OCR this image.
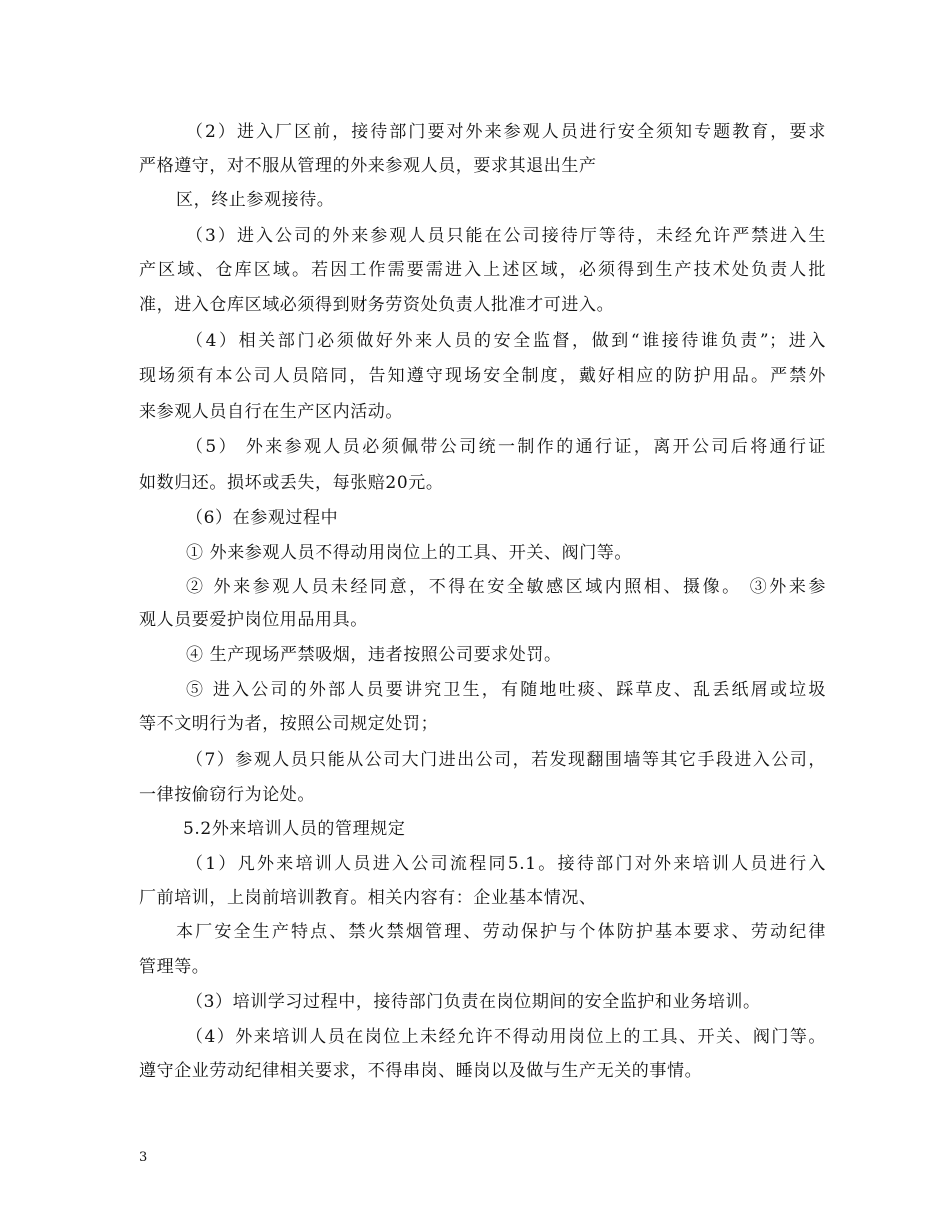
（2）进入厂区前，接待部门要对外来参观人员进行安全须知专题教育，要求
严格遵守，对不服从管理的外来参观人员，要求其退出生产
区，终止参观接待。
（3）进入公司的外来参观人员只能在公司接待厅等待，未经允许严禁进入生
产区域、仓库区域。若因工作需要需进入上述区域，必须得到生产技术处负责人批
准，进入仓库区域必须得到财务劳资处负责人批准才可进入。
（4）相关部门必须做好外来人员的安全监督，做到“谁接待谁负责”；进入
现场须有本公司人员陪同，告知遵守现场安全制度，戴好相应的防护用品。严禁外
来参观人员自行在生产区内活动。
（5） 外来参观人员必须佩带公司统一制作的通行证，离开公司后将通行证
如数归还。损坏或丢失，每张赔20元。
（6）在参观过程中
① 外来参观人员不得动用岗位上的工具、开关、阀门等。
② 外来参观人员未经同意，不得在安全敏感区域内照相、摄像。 ③外来参
观人员要爱护岗位用品用具。
④ 生产现场严禁吸烟，违者按照公司要求处罚。
⑤ 进入公司的外部人员要讲究卫生，有随地吐痰、踩草皮、乱丢纸屑或垃圾
等不文明行为者，按照公司规定处罚；
（7）参观人员只能从公司大门进出公司，若发现翻围墙等其它手段进入公司，
一律按偷窃行为论处。
5.2外来培训人员的管理规定
（1）凡外来培训人员进入公司流程同5.1。接待部门对外来培训人员进行入
厂前培训，上岗前培训教育。相关内容有：企业基本情况、
本厂安全生产特点、禁火禁烟管理、劳动保护与个体防护基本要求、劳动纪律
管理等。
（3）培训学习过程中，接待部门负责在岗位期间的安全监护和业务培训。
（4）外来培训人员在岗位上未经允许不得动用岗位上的工具、开关、阀门等。
遵守企业劳动纪律相关要求，不得串岗、睡岗以及做与生产无关的事情。
3
